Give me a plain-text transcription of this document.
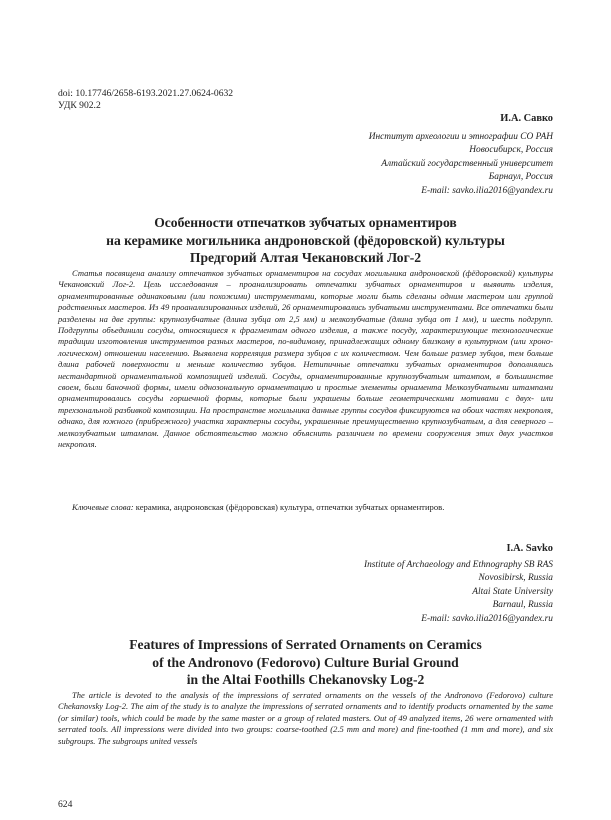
doi: 10.17746/2658-6193.2021.27.0624-0632
УДК 902.2
И.А. Савко
Институт археологии и этнографии СО РАН
Новосибирск, Россия
Алтайский государственный университет
Барнаул, Россия
E-mail: savko.ilia2016@yandex.ru
Особенности отпечатков зубчатых орнаментиров
на керамике могильника андроновской (фёдоровской) культуры
Предгорий Алтая Чекановский Лог-2

Статья посвящена анализу отпечатков зубчатых орнаментиров на сосудах могильника андроновской (фёдоровской) культуры Чекановский Лог-2. Цель исследования – проанализировать отпечатки зубчатых орнаментиров и выявить изделия, орнаментированные одинаковыми (или похожими) инструментами, которые могли быть сделаны одним мастером или группой родственных мастеров. Из 49 проанализированных изделий, 26 орнаментировались зубчатыми инструментами. Все отпечатки были разделены на две группы: крупнозубчатые (длина зубца от 2,5 мм) и мелкозубчатые (длина зубца от 1 мм), и шесть подгрупп. Подгруппы объединили сосуды, относящиеся к фрагментам одного изделия, а также посуду, характеризующие технологические традиции изготовления инструментов разных мастеров, по-видимому, принадлежащих одному близкому в культурном (или хронологическом) отношении населению. Выявлена корреляция размера зубцов с их количеством. Чем больше размер зубцов, тем больше длина рабочей поверхности и меньше количество зубцов. Нетипичные отпечатки зубчатых орнаментиров дополнялись нестандартной орнаментальной композицией изделий. Сосуды, орнаментированные крупнозубчатым штампом, в большинстве своем, были баночной формы, имели однозональную орнаментацию и простые элементы орнамента Мелкозубчатыми штампами орнаментировались сосуды горшечной формы, которые были украшены больше геометрическими мотивами с двух- или трехзональной разбивкой композиции. На пространстве могильника данные группы сосудов фиксируются на обоих частях некрополя, однако, для южного (прибрежного) участка характерны сосуды, украшенные преимущественно крупнозубчатым, а для северного – мелкозубчатым штампом. Данное обстоятельство можно объяснить различием по времени сооружения этих двух участков некрополя.

Ключевые слова: керамика, андроновская (фёдоровская) культура, отпечатки зубчатых орнаментиров.
I.A. Savko
Institute of Archaeology and Ethnography SB RAS
Novosibirsk, Russia
Altai State University
Barnaul, Russia
E-mail: savko.ilia2016@yandex.ru
Features of Impressions of Serrated Ornaments on Ceramics
of the Andronovo (Fedorovo) Culture Burial Ground
in the Altai Foothills Chekanovsky Log-2

The article is devoted to the analysis of the impressions of serrated ornaments on the vessels of the Andronovo (Fedorovo) culture Chekanovsky Log-2. The aim of the study is to analyze the impressions of serrated ornaments and to identify products ornamented by the same (or similar) tools, which could be made by the same master or a group of related masters. Out of 49 analyzed items, 26 were ornamented with serrated tools. All impressions were divided into two groups: coarse-toothed (2.5 mm and more) and fine-toothed (1 mm and more), and six subgroups. The subgroups united vessels

624
